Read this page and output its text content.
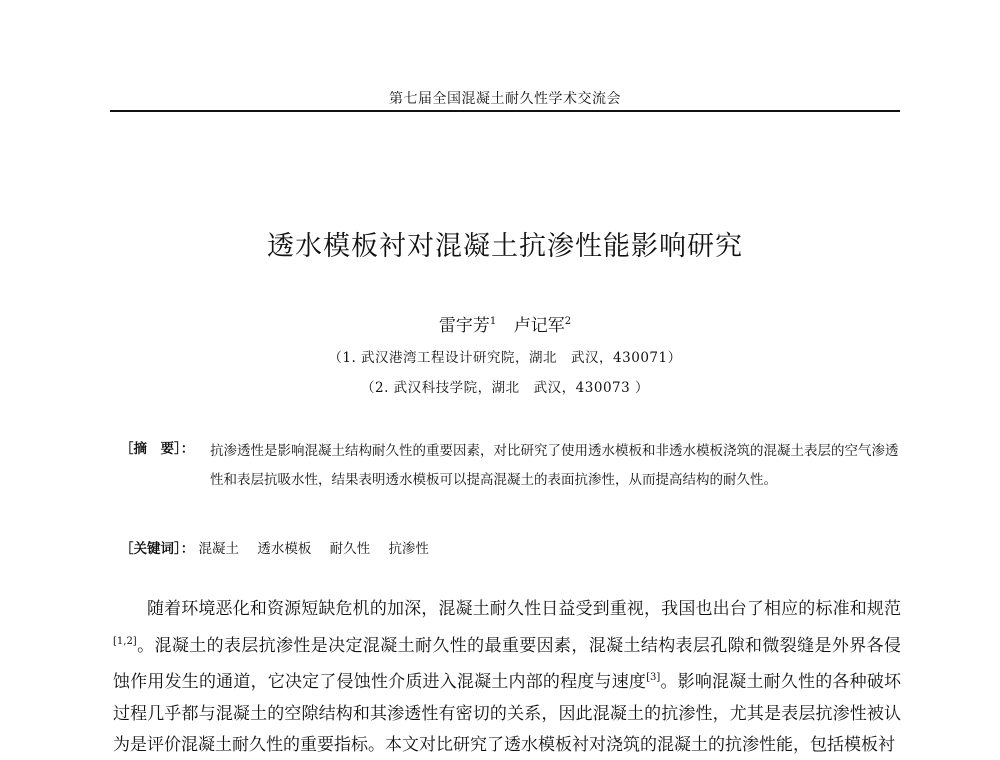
第七届全国混凝土耐久性学术交流会
透水模板衬对混凝土抗渗性能影响研究
雷宇芳$^1$ 卢记军$^2$
（1. 武汉港湾工程设计研究院，湖北　武汉，430071）
（2. 武汉科技学院，湖北　武汉，430073 ）
［摘　要］： 抗渗透性是影响混凝土结构耐久性的重要因素，对比研究了使用透水模板和非透水模板浇筑的混凝土表层的空气渗透性和表层抗吸水性，结果表明透水模板可以提高混凝土的表面抗渗性，从而提高结构的耐久性。
［关键词］： 混凝土 透水模板 耐久性 抗渗性
随着环境恶化和资源短缺危机的加深，混凝土耐久性日益受到重视，我国也出台了相应的标准和规范[1,2]。混凝土的表层抗渗性是决定混凝土耐久性的最重要因素，混凝土结构表层孔隙和微裂缝是外界各侵蚀作用发生的通道，它决定了侵蚀性介质进入混凝土内部的程度与速度[3]。影响混凝土耐久性的各种破坏过程几乎都与混凝土的空隙结构和其渗透性有密切的关系，因此混凝土的抗渗性，尤其是表层抗渗性被认为是评价混凝土耐久性的重要指标。本文对比研究了透水模板衬对浇筑的混凝土的抗渗性能，包括模板衬
